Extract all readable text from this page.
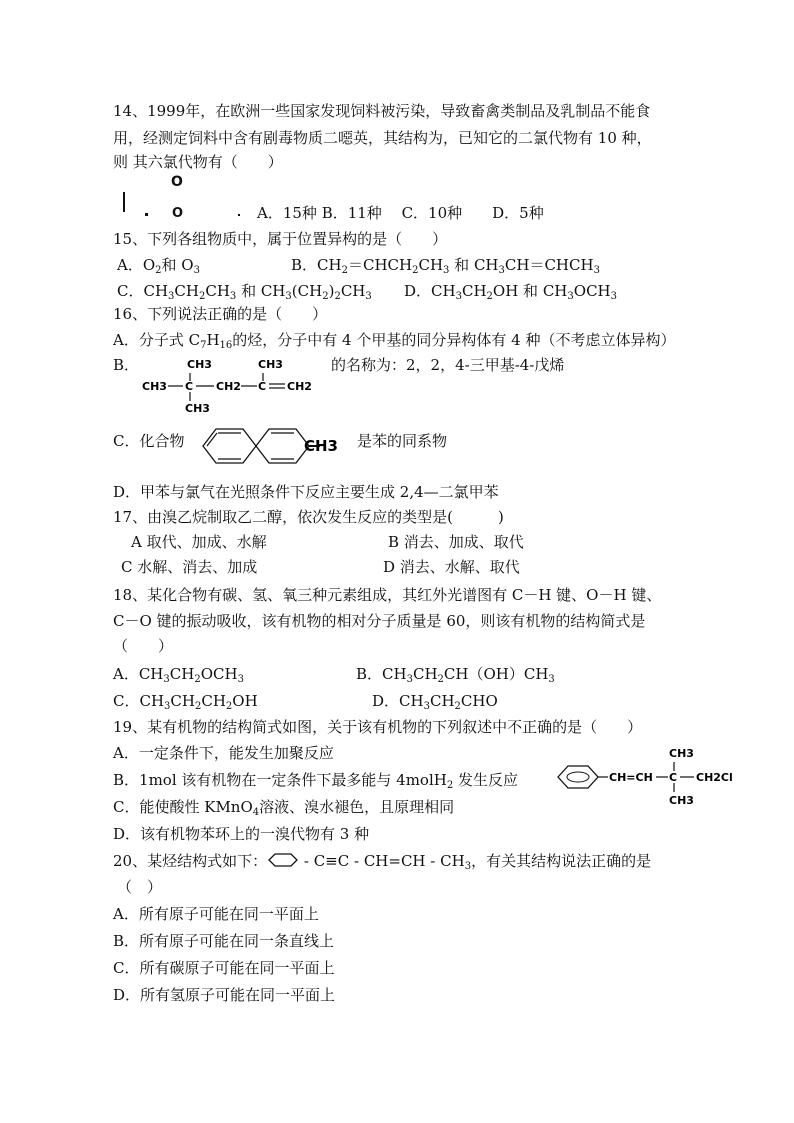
14、1999年，在欧洲一些国家发现饲料被污染，导致畜禽类制品及乳制品不能食
用，经测定饲料中含有剧毒物质二噁英，其结构为，已知它的二氯代物有 10 种，
则 其六氯代物有（　　）
O
O	A．15种 B．11种　 C．10种　　D．5种
15、下列各组物质中，属于位置异构的是（　　）
A．$O_2$和 $O_3$	B．$CH_2=CHCH_2CH_3$ 和 $CH_3CH=CHCH_3$
C．$CH_3CH_2CH_3$ 和 $CH_3(CH_2)_2CH_3$ D．$CH_3CH_2OH$ 和 $CH_3OCH_3$
16、下列说法正确的是（　　）
A．分子式 $C_7H_{16}$的烃，分子中有 4 个甲基的同分异构体有 4 种（不考虑立体异构）
B．	CH3	CH3
CH3 C CH2 C CH2
CH3
的名称为：2，2，4-三甲基-4-戊烯
C．化合物	CH3 是苯的同系物
D．甲苯与氯气在光照条件下反应主要生成 2,4—二氯甲苯
17、由溴乙烷制取乙二醇，依次发生反应的类型是(　　　)
A 取代、加成、水解	B 消去、加成、取代
C 水解、消去、加成	D 消去、水解、取代
18、某化合物有碳、氢、氧三种元素组成，其红外光谱图有 C－H 键、O－H 键、
C－O 键的振动吸收，该有机物的相对分子质量是 60，则该有机物的结构简式是
（　　）
A．$CH_3CH_2OCH_3$	B．$CH_3CH_2CH(OH)CH_3$
C．$CH_3CH_2CH_2OH$	D．$CH_3CH_2CHO$
19、某有机物的结构简式如图，关于该有机物的下列叙述中不正确的是（　　）
A．一定条件下，能发生加聚反应
B．1mol 该有机物在一定条件下最多能与 4molH$_2$ 发生反应
C．能使酸性 KMnO$_4$溶液、溴水褪色，且原理相同
D．该有机物苯环上的一溴代物有 3 种
CH=CH
CH3
C CH2Cl
CH3
20、某烃结构式如下： - $C\equiv C - CH=CH - CH_3$，有关其结构说法正确的是
（　）
A．所有原子可能在同一平面上
B．所有原子可能在同一条直线上
C．所有碳原子可能在同一平面上
D．所有氢原子可能在同一平面上
